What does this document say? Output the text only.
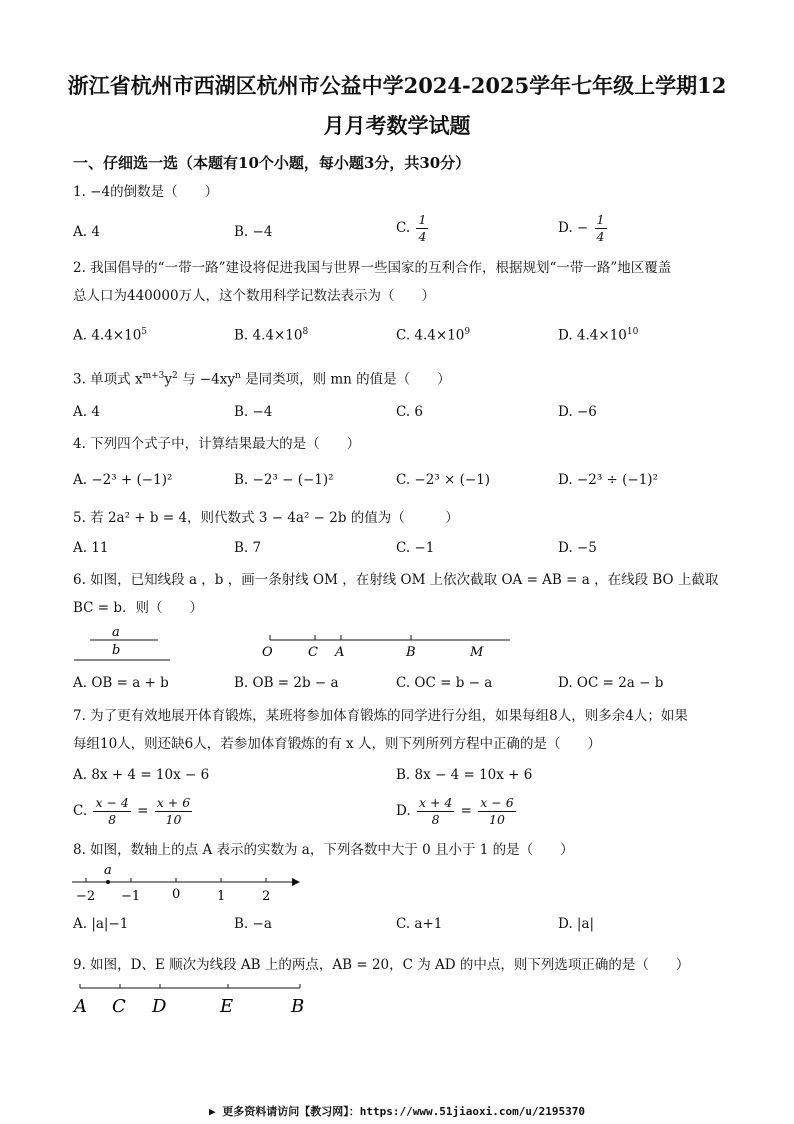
浙江省杭州市西湖区杭州市公益中学2024-2025学年七年级上学期12
月月考数学试题
一、仔细选一选（本题有10个小题，每小题3分，共30分）
1. −4的倒数是（　　）
A. 4	B. −4	C. $\frac{1}{4}$	D. − $\frac{1}{4}$
2. 我国倡导的“一带一路”建设将促进我国与世界一些国家的互利合作，根据规划“一带一路”地区覆盖
总人口为440000万人，这个数用科学记数法表示为（　　）
A. $4.4\times 10^5$	B. $4.4\times 10^8$	C. $4.4\times 10^9$	D. $4.4\times 10^{10}$
3. 单项式 $x^{m+3}y^2$ 与 $-4xy^n$ 是同类项，则 mn 的值是（　　）
A. 4	B. −4	C. 6	D. −6
4. 下列四个式子中，计算结果最大的是（　　）
A. −2³ + (−1)²	B. −2³ − (−1)²	C. −2³ × (−1)	D. −2³ ÷ (−1)²
5. 若 2a² + b = 4，则代数式 3 − 4a² − 2b 的值为（　　　）
A. 11	B. 7	C. −1	D. −5
6. 如图，已知线段 a ，b ，画一条射线 OM ，在射线 OM 上依次截取 OA = AB = a ，在线段 BO 上截取
BC = b．则（　　）
a
b	O	C A	B	M
A. OB = a + b	B. OB = 2b − a	C. OC = b − a	D. OC = 2a − b
7. 为了更有效地展开体育锻炼，某班将参加体育锻炼的同学进行分组，如果每组8人，则多余4人；如果
每组10人，则还缺6人，若参加体育锻炼的有 x 人，则下列所列方程中正确的是（　　）
A. 8x + 4 = 10x − 6	B. 8x − 4 = 10x + 6
C. $\frac{x - 4}{8} = \frac{x + 6}{10}$	D. $\frac{x + 4}{8} = \frac{x - 6}{10}$
8. 如图，数轴上的点 A 表示的实数为 a，下列各数中大于 0 且小于 1 的是（　　）
a
−2 −1 0	1	2
A. |a|−1	B. −a	C. a+1	D. |a|
9. 如图，D、E 顺次为线段 AB 上的两点，AB = 20，C 为 AD 的中点，则下列选项正确的是（　　）
A C D	E	B
▶ 更多资料请访问【教习网】：https://www.51jiaoxi.com/u/2195370
